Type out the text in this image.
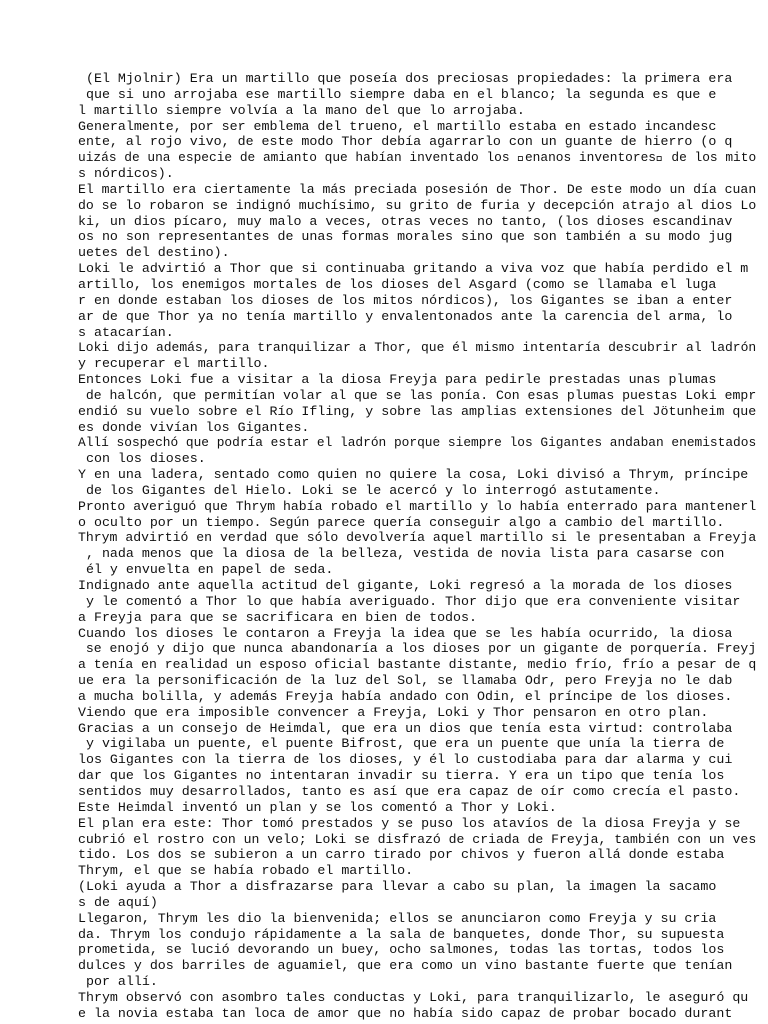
(El Mjolnir) Era un martillo que poseía dos preciosas propiedades: la primera era
que si uno arrojaba ese martillo siempre daba en el blanco; la segunda es que e
l martillo siempre volvía a la mano del que lo arrojaba.
Generalmente, por ser emblema del trueno, el martillo estaba en estado incandesc
ente, al rojo vivo, de este modo Thor debía agarrarlo con un guante de hierro (o q
uizás de una especie de amianto que habían inventado los  enanos inventores  de los mito
s nórdicos).
El martillo era ciertamente la más preciada posesión de Thor. De este modo un día cuan
do se lo robaron se indignó muchísimo, su grito de furia y decepción atrajo al dios Lo
ki, un dios pícaro, muy malo a veces, otras veces no tanto, (los dioses escandinav
os no son representantes de unas formas morales sino que son también a su modo jug
uetes del destino).
Loki le advirtió a Thor que si continuaba gritando a viva voz que había perdido el m
artillo, los enemigos mortales de los dioses del Asgard (como se llamaba el luga
r en donde estaban los dioses de los mitos nórdicos), los Gigantes se iban a enter
ar de que Thor ya no tenía martillo y envalentonados ante la carencia del arma, lo
s atacarían.
Loki dijo además, para tranquilizar a Thor, que él mismo intentaría descubrir al ladrón
y recuperar el martillo.
Entonces Loki fue a visitar a la diosa Freyja para pedirle prestadas unas plumas
de halcón, que permitían volar al que se las ponía. Con esas plumas puestas Loki empr
endió su vuelo sobre el Río Ifling, y sobre las amplias extensiones del Jötunheim que
es donde vivían los Gigantes.
Allí sospechó que podría estar el ladrón porque siempre los Gigantes andaban enemistados
con los dioses.
Y en una ladera, sentado como quien no quiere la cosa, Loki divisó a Thrym, príncipe
de los Gigantes del Hielo. Loki se le acercó y lo interrogó astutamente.
Pronto averiguó que Thrym había robado el martillo y lo había enterrado para mantenerl
o oculto por un tiempo. Según parece quería conseguir algo a cambio del martillo.
Thrym advirtió en verdad que sólo devolvería aquel martillo si le presentaban a Freyja
, nada menos que la diosa de la belleza, vestida de novia lista para casarse con
él y envuelta en papel de seda.
Indignado ante aquella actitud del gigante, Loki regresó a la morada de los dioses
y le comentó a Thor lo que había averiguado. Thor dijo que era conveniente visitar
a Freyja para que se sacrificara en bien de todos.
Cuando los dioses le contaron a Freyja la idea que se les había ocurrido, la diosa
se enojó y dijo que nunca abandonaría a los dioses por un gigante de porquería. Freyj
a tenía en realidad un esposo oficial bastante distante, medio frío, frío a pesar de q
ue era la personificación de la luz del Sol, se llamaba Odr, pero Freyja no le dab
a mucha bolilla, y además Freyja había andado con Odin, el príncipe de los dioses.
Viendo que era imposible convencer a Freyja, Loki y Thor pensaron en otro plan.
Gracias a un consejo de Heimdal, que era un dios que tenía esta virtud: controlaba
y vigilaba un puente, el puente Bifrost, que era un puente que unía la tierra de
los Gigantes con la tierra de los dioses, y él lo custodiaba para dar alarma y cui
dar que los Gigantes no intentaran invadir su tierra. Y era un tipo que tenía los
sentidos muy desarrollados, tanto es así que era capaz de oír como crecía el pasto.
Este Heimdal inventó un plan y se los comentó a Thor y Loki.
El plan era este: Thor tomó prestados y se puso los atavíos de la diosa Freyja y se
cubrió el rostro con un velo; Loki se disfrazó de criada de Freyja, también con un ves
tido. Los dos se subieron a un carro tirado por chivos y fueron allá donde estaba
Thrym, el que se había robado el martillo.
(Loki ayuda a Thor a disfrazarse para llevar a cabo su plan, la imagen la sacamo
s de aquí)
Llegaron, Thrym les dio la bienvenida; ellos se anunciaron como Freyja y su cria
da. Thrym los condujo rápidamente a la sala de banquetes, donde Thor, su supuesta
prometida, se lució devorando un buey, ocho salmones, todas las tortas, todos los
dulces y dos barriles de aguamiel, que era como un vino bastante fuerte que tenían
por allí.
Thrym observó con asombro tales conductas y Loki, para tranquilizarlo, le aseguró qu
e la novia estaba tan loca de amor que no había sido capaz de probar bocado durant
